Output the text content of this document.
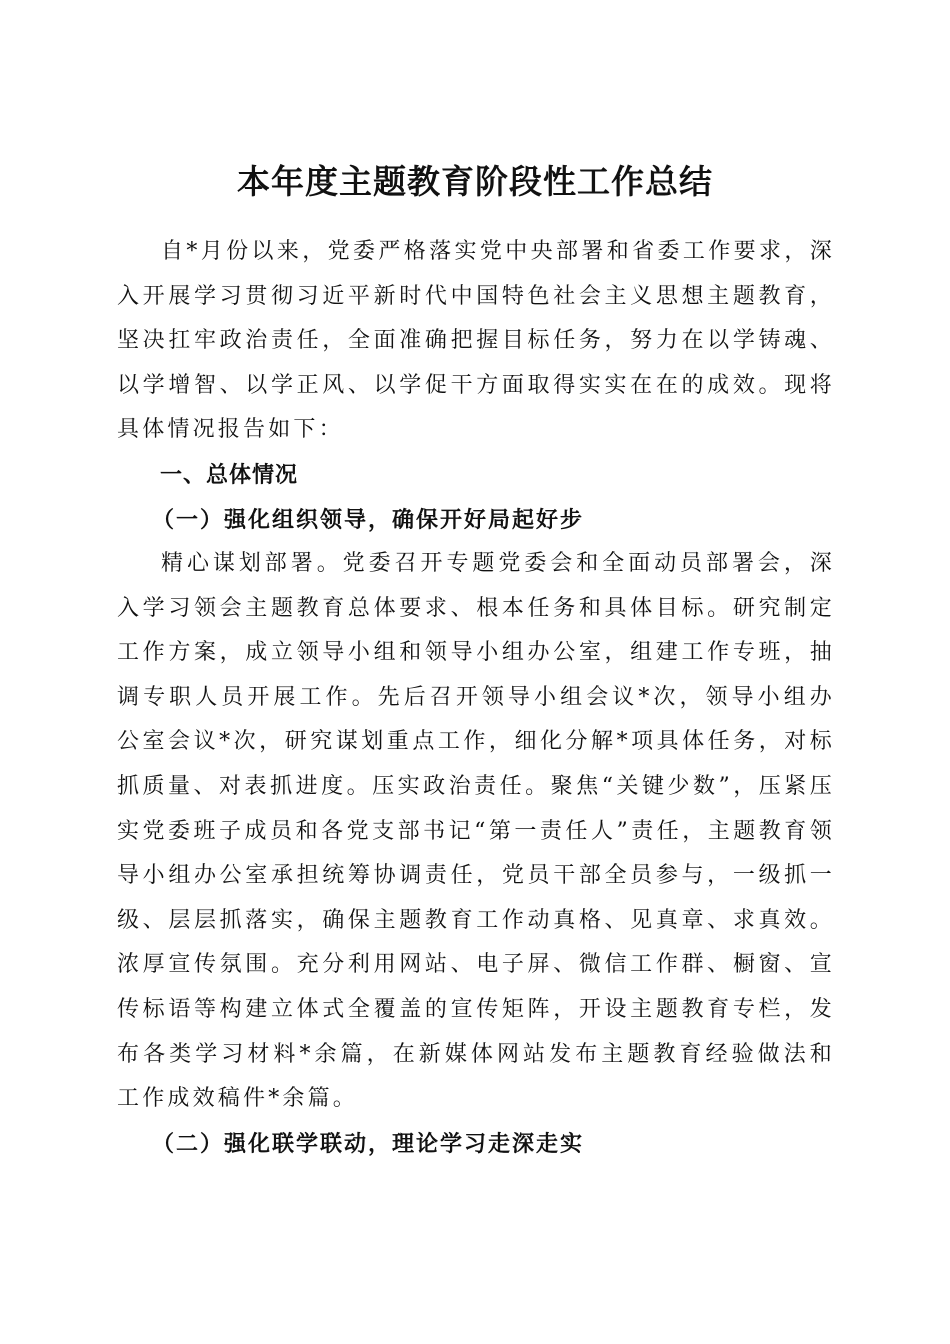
本年度主题教育阶段性工作总结

自*月份以来，党委严格落实党中央部署和省委工作要求，深入开展学习贯彻习近平新时代中国特色社会主义思想主题教育，坚决扛牢政治责任，全面准确把握目标任务，努力在以学铸魂、以学增智、以学正风、以学促干方面取得实实在在的成效。现将具体情况报告如下：

一、总体情况
（一）强化组织领导，确保开好局起好步

精心谋划部署。党委召开专题党委会和全面动员部署会，深入学习领会主题教育总体要求、根本任务和具体目标。研究制定工作方案，成立领导小组和领导小组办公室，组建工作专班，抽调专职人员开展工作。先后召开领导小组会议*次，领导小组办公室会议*次，研究谋划重点工作，细化分解*项具体任务，对标抓质量、对表抓进度。压实政治责任。聚焦“关键少数”，压紧压实党委班子成员和各党支部书记“第一责任人”责任，主题教育领导小组办公室承担统筹协调责任，党员干部全员参与，一级抓一级、层层抓落实，确保主题教育工作动真格、见真章、求真效。浓厚宣传氛围。充分利用网站、电子屏、微信工作群、橱窗、宣传标语等构建立体式全覆盖的宣传矩阵，开设主题教育专栏，发布各类学习材料*余篇，在新媒体网站发布主题教育经验做法和工作成效稿件*余篇。

（二）强化联学联动，理论学习走深走实
